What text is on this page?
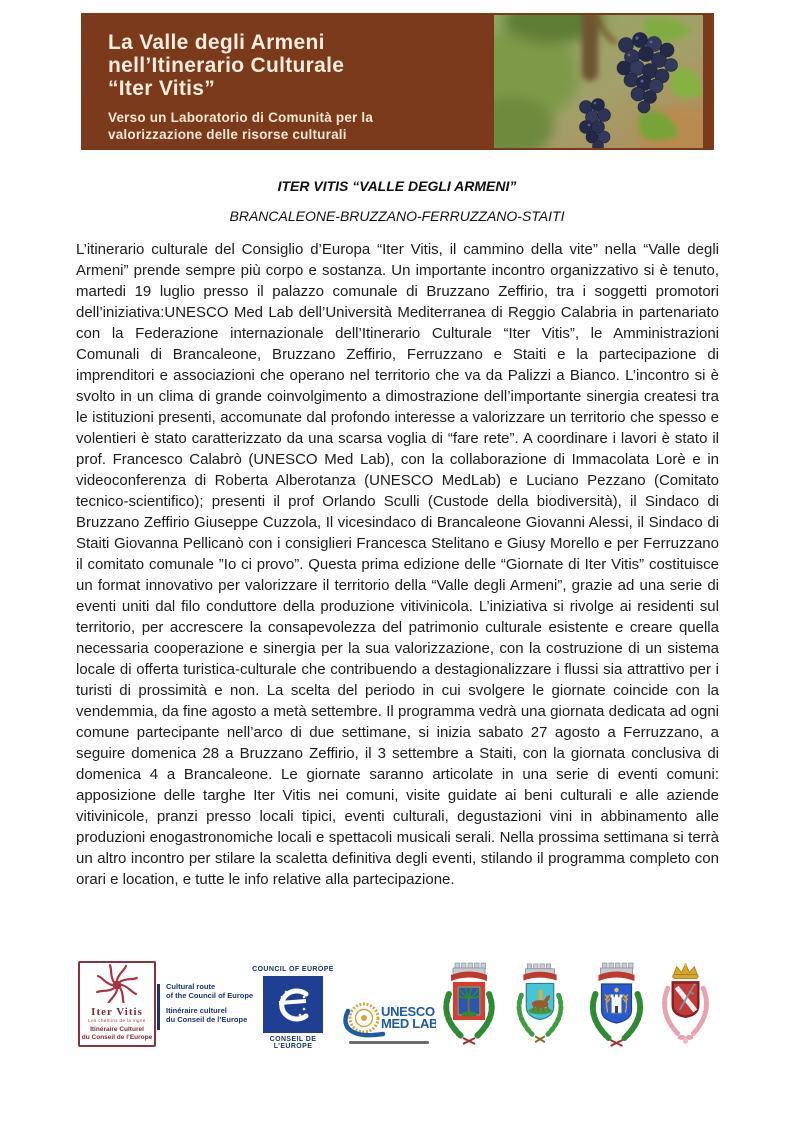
La Valle degli Armeni
nell’Itinerario Culturale
“Iter Vitis”
Verso un Laboratorio di Comunità per la
valorizzazione delle risorse culturali
ITER VITIS “VALLE DEGLI ARMENI”
BRANCALEONE-BRUZZANO-FERRUZZANO-STAITI
L’itinerario culturale del Consiglio d’Europa “Iter Vitis, il cammino della vite” nella “Valle degli Armeni” prende sempre più corpo e sostanza. Un importante incontro organizzativo si è tenuto, martedi 19 luglio presso il palazzo comunale di Bruzzano Zeffirio, tra i soggetti promotori dell’iniziativa:UNESCO Med Lab dell’Università Mediterranea di Reggio Calabria in partenariato con la Federazione internazionale dell’Itinerario Culturale “Iter Vitis”, le Amministrazioni Comunali di Brancaleone, Bruzzano Zeffirio, Ferruzzano e Staiti e la partecipazione di imprenditori e associazioni che operano nel territorio che va da Palizzi a Bianco. L’incontro si è svolto in un clima di grande coinvolgimento a dimostrazione dell’importante sinergia createsi tra le istituzioni presenti, accomunate dal profondo interesse a valorizzare un territorio che spesso e volentieri è stato caratterizzato da una scarsa voglia di “fare rete”. A coordinare i lavori è stato il prof. Francesco Calabrò (UNESCO Med Lab), con la collaborazione di Immacolata Lorè e in videoconferenza di Roberta Alberotanza (UNESCO MedLab) e Luciano Pezzano (Comitato tecnico-scientifico); presenti il prof Orlando Sculli (Custode della biodiversità), il Sindaco di Bruzzano Zeffirio Giuseppe Cuzzola, Il vicesindaco di Brancaleone Giovanni Alessi, il Sindaco di Staiti Giovanna Pellicanò con i consiglieri Francesca Stelitano e Giusy Morello e per Ferruzzano il comitato comunale ”Io ci provo”. Questa prima edizione delle “Giornate di Iter Vitis” costituisce un format innovativo per valorizzare il territorio della “Valle degli Armeni”, grazie ad una serie di eventi uniti dal filo conduttore della produzione vitivinicola. L’iniziativa si rivolge ai residenti sul territorio, per accrescere la consapevolezza del patrimonio culturale esistente e creare quella necessaria cooperazione e sinergia per la sua valorizzazione, con la costruzione di un sistema locale di offerta turistica-culturale che contribuendo a destagionalizzare i flussi sia attrattivo per i turisti di prossimità e non. La scelta del periodo in cui svolgere le giornate coincide con la vendemmia, da fine agosto a metà settembre. Il programma vedrà una giornata dedicata ad ogni comune partecipante nell’arco di due settimane, si inizia sabato 27 agosto a Ferruzzano, a seguire domenica 28 a Bruzzano Zeffirio, il 3 settembre a Staiti, con la giornata conclusiva di domenica 4 a Brancaleone. Le giornate saranno articolate in una serie di eventi comuni: apposizione delle targhe Iter Vitis nei comuni, visite guidate ai beni culturali e alle aziende vitivinicole, pranzi presso locali tipici, eventi culturali, degustazioni vini in abbinamento alle produzioni enogastronomiche locali e spettacoli musicali serali. Nella prossima settimana si terrà un altro incontro per stilare la scaletta definitiva degli eventi, stilando il programma completo con orari e location, e tutte le info relative alla partecipazione.
Iter Vitis
Les chemins de la vigne
Itinéraire Culturel
du Conseil de l’Europe
Cultural route
of the Council of Europe
Itinéraire culturel
du Conseil de l’Europe
COUNCIL OF EUROPE
CONSEIL DE L’EUROPE
UNESCO
MED LAB
